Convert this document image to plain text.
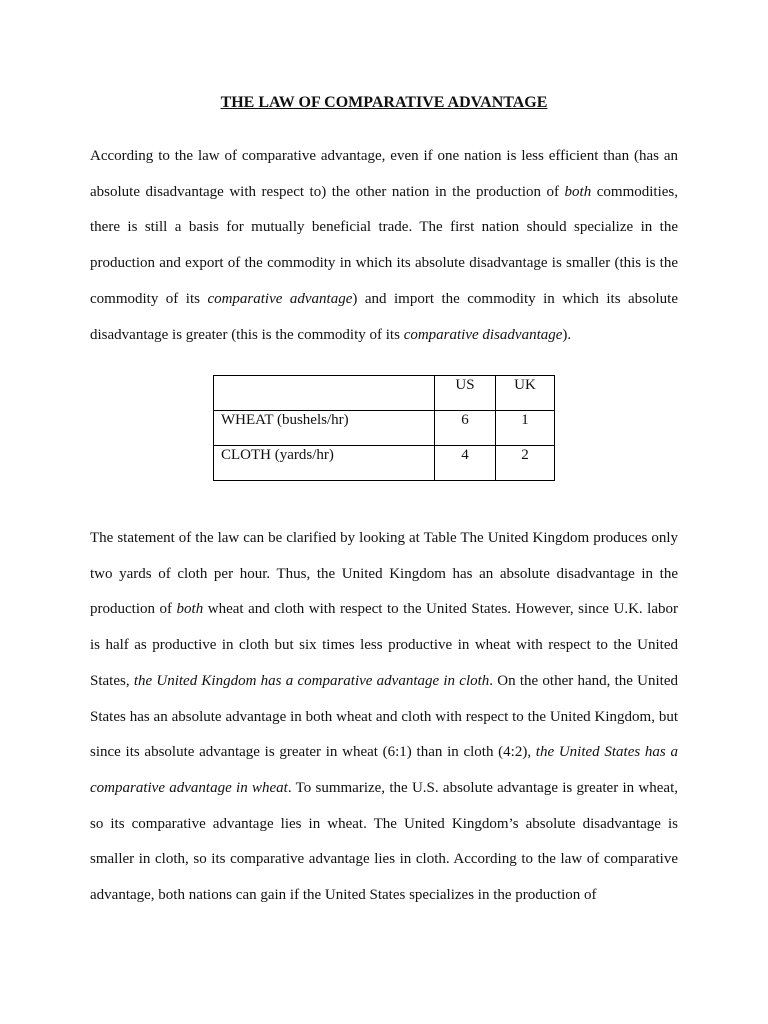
THE LAW OF COMPARATIVE ADVANTAGE

According to the law of comparative advantage, even if one nation is less efficient than (has an absolute disadvantage with respect to) the other nation in the production of both commodities, there is still a basis for mutually beneficial trade. The first nation should specialize in the production and export of the commodity in which its absolute disadvantage is smaller (this is the commodity of its comparative advantage) and import the commodity in which its absolute disadvantage is greater (this is the commodity of its comparative disadvantage).

	US	UK
WHEAT (bushels/hr)	6	1
CLOTH (yards/hr)	4	2

The statement of the law can be clarified by looking at Table The United Kingdom produces only two yards of cloth per hour. Thus, the United Kingdom has an absolute disadvantage in the production of both wheat and cloth with respect to the United States. However, since U.K. labor is half as productive in cloth but six times less productive in wheat with respect to the United States, the United Kingdom has a comparative advantage in cloth. On the other hand, the United States has an absolute advantage in both wheat and cloth with respect to the United Kingdom, but since its absolute advantage is greater in wheat (6:1) than in cloth (4:2), the United States has a comparative advantage in wheat. To summarize, the U.S. absolute advantage is greater in wheat, so its comparative advantage lies in wheat. The United Kingdom’s absolute disadvantage is smaller in cloth, so its comparative advantage lies in cloth. According to the law of comparative advantage, both nations can gain if the United States specializes in the production of
